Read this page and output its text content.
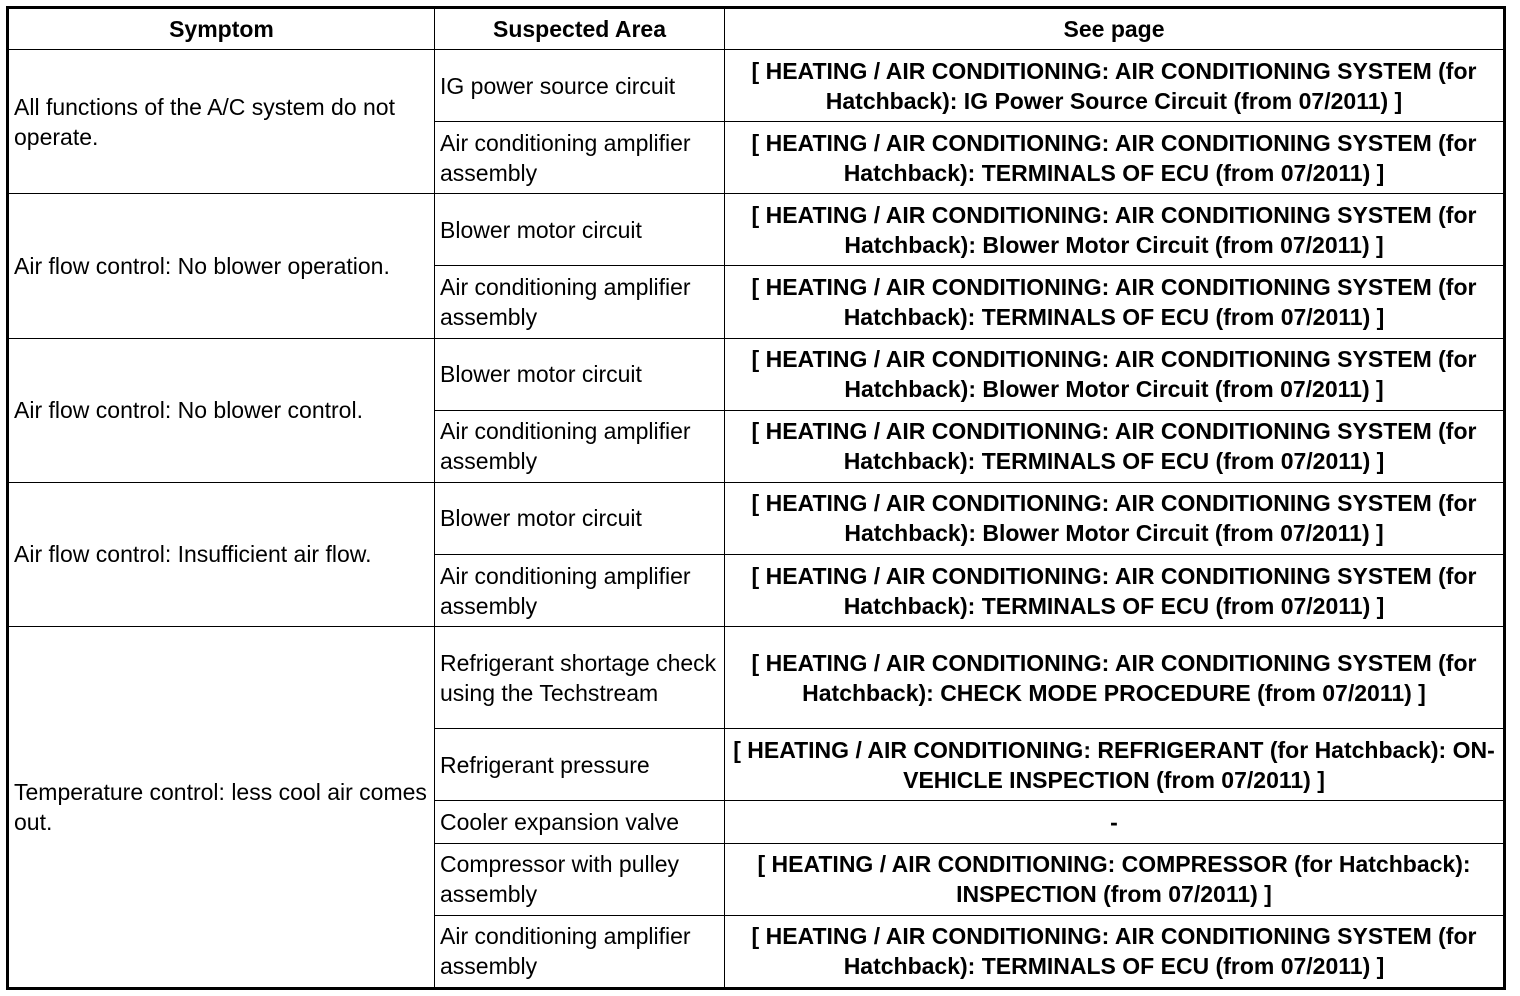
Symptom	Suspected Area	See page
All functions of the A/C system do not operate.	IG power source circuit	[ HEATING / AIR CONDITIONING: AIR CONDITIONING SYSTEM (for Hatchback): IG Power Source Circuit (from 07/2011) ]
	Air conditioning amplifier assembly	[ HEATING / AIR CONDITIONING: AIR CONDITIONING SYSTEM (for Hatchback): TERMINALS OF ECU (from 07/2011) ]
Air flow control: No blower operation.	Blower motor circuit	[ HEATING / AIR CONDITIONING: AIR CONDITIONING SYSTEM (for Hatchback): Blower Motor Circuit (from 07/2011) ]
	Air conditioning amplifier assembly	[ HEATING / AIR CONDITIONING: AIR CONDITIONING SYSTEM (for Hatchback): TERMINALS OF ECU (from 07/2011) ]
Air flow control: No blower control.	Blower motor circuit	[ HEATING / AIR CONDITIONING: AIR CONDITIONING SYSTEM (for Hatchback): Blower Motor Circuit (from 07/2011) ]
	Air conditioning amplifier assembly	[ HEATING / AIR CONDITIONING: AIR CONDITIONING SYSTEM (for Hatchback): TERMINALS OF ECU (from 07/2011) ]
Air flow control: Insufficient air flow.	Blower motor circuit	[ HEATING / AIR CONDITIONING: AIR CONDITIONING SYSTEM (for Hatchback): Blower Motor Circuit (from 07/2011) ]
	Air conditioning amplifier assembly	[ HEATING / AIR CONDITIONING: AIR CONDITIONING SYSTEM (for Hatchback): TERMINALS OF ECU (from 07/2011) ]
Temperature control: less cool air comes out.	Refrigerant shortage check using the Techstream	[ HEATING / AIR CONDITIONING: AIR CONDITIONING SYSTEM (for Hatchback): CHECK MODE PROCEDURE (from 07/2011) ]
	Refrigerant pressure	[ HEATING / AIR CONDITIONING: REFRIGERANT (for Hatchback): ON-VEHICLE INSPECTION (from 07/2011) ]
	Cooler expansion valve	-
	Compressor with pulley assembly	[ HEATING / AIR CONDITIONING: COMPRESSOR (for Hatchback): INSPECTION (from 07/2011) ]
	Air conditioning amplifier assembly	[ HEATING / AIR CONDITIONING: AIR CONDITIONING SYSTEM (for Hatchback): TERMINALS OF ECU (from 07/2011) ]
